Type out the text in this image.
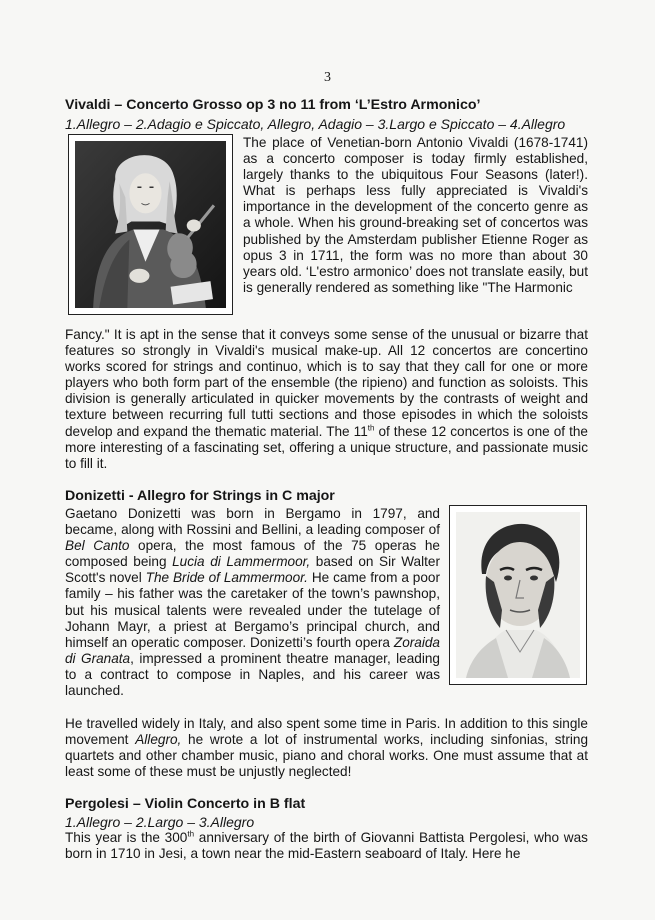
3
Vivaldi – Concerto Grosso op 3 no 11 from ‘L’Estro Armonico’
1.Allegro – 2.Adagio e Spiccato, Allegro, Adagio – 3.Largo e Spiccato – 4.Allegro

The place of Venetian-born Antonio Vivaldi (1678-1741) as a concerto composer is today firmly established, largely thanks to the ubiquitous Four Seasons (later!). What is perhaps less fully appreciated is Vivaldi's importance in the development of the concerto genre as a whole. When his ground-breaking set of concertos was published by the Amsterdam publisher Etienne Roger as opus 3 in 1711, the form was no more than about 30 years old. ‘L'estro armonico’ does not translate easily, but is generally rendered as something like "The Harmonic

Fancy." It is apt in the sense that it conveys some sense of the unusual or bizarre that features so strongly in Vivaldi's musical make-up. All 12 concertos are concertino works scored for strings and continuo, which is to say that they call for one or more players who both form part of the ensemble (the ripieno) and function as soloists. This division is generally articulated in quicker movements by the contrasts of weight and texture between recurring full tutti sections and those episodes in which the soloists develop and expand the thematic material. The 11th of these 12 concertos is one of the more interesting of a fascinating set, offering a unique structure, and passionate music to fill it.

Donizetti - Allegro for Strings in C major

Gaetano Donizetti was born in Bergamo in 1797, and became, along with Rossini and Bellini, a leading composer of Bel Canto opera, the most famous of the 75 operas he composed being Lucia di Lammermoor, based on Sir Walter Scott's novel The Bride of Lammermoor. He came from a poor family – his father was the caretaker of the town’s pawnshop, but his musical talents were revealed under the tutelage of Johann Mayr, a priest at Bergamo’s principal church, and himself an operatic composer. Donizetti’s fourth opera Zoraida di Granata, impressed a prominent theatre manager, leading to a contract to compose in Naples, and his career was launched.

He travelled widely in Italy, and also spent some time in Paris. In addition to this single movement Allegro, he wrote a lot of instrumental works, including sinfonias, string quartets and other chamber music, piano and choral works. One must assume that at least some of these must be unjustly neglected!

Pergolesi – Violin Concerto in B flat
1.Allegro – 2.Largo – 3.Allegro

This year is the 300th anniversary of the birth of Giovanni Battista Pergolesi, who was born in 1710 in Jesi, a town near the mid-Eastern seaboard of Italy. Here he
